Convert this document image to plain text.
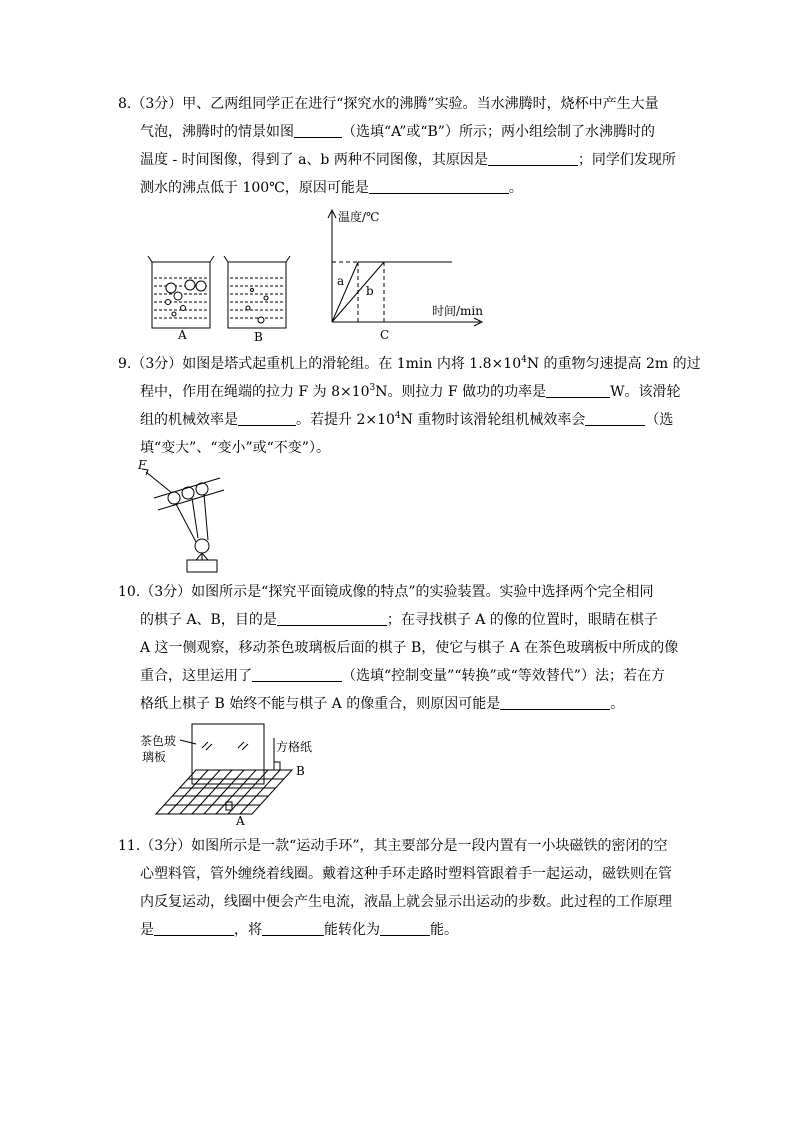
8.（3分）甲、乙两组同学正在进行“探究水的沸腾”实验。当水沸腾时，烧杯中产生大量
气泡，沸腾时的情景如图	（选填“A”或“B”）所示；两小组绘制了水沸腾时的
温度 - 时间图像，得到了 a、b 两种不同图像，其原因是	；同学们发现所
测水的沸点低于 100℃，原因可能是	。
A	B
温度/℃
时间/min
a
b
C
9.（3分）如图是塔式起重机上的滑轮组。在 1min 内将 $1.8\times 10^4N$ 的重物匀速提高 2m 的过
程中，作用在绳端的拉力 F 为 $8\times 10^3N$。则拉力 F 做功的功率是	W。该滑轮
组的机械效率是	。若提升 $2\times 10^4N$ 重物时该滑轮组机械效率会	（选
填“变大”、“变小”或“不变”）。
F
10.（3分）如图所示是“探究平面镜成像的特点”的实验装置。实验中选择两个完全相同
的棋子 A、B，目的是	；在寻找棋子 A 的像的位置时，眼睛在棋子
A 这一侧观察，移动茶色玻璃板后面的棋子 B，使它与棋子 A 在茶色玻璃板中所成的像
重合，这里运用了	（选填“控制变量”“转换”或“等效替代”）法；若在方
格纸上棋子 B 始终不能与棋子 A 的像重合，则原因可能是	。
茶色玻
璃板
方格纸
B
A
11.（3分）如图所示是一款“运动手环”，其主要部分是一段内置有一小块磁铁的密闭的空
心塑料管，管外缠绕着线圈。戴着这种手环走路时塑料管跟着手一起运动，磁铁则在管
内反复运动，线圈中便会产生电流，液晶上就会显示出运动的步数。此过程的工作原理
是	，将	能转化为	能。
